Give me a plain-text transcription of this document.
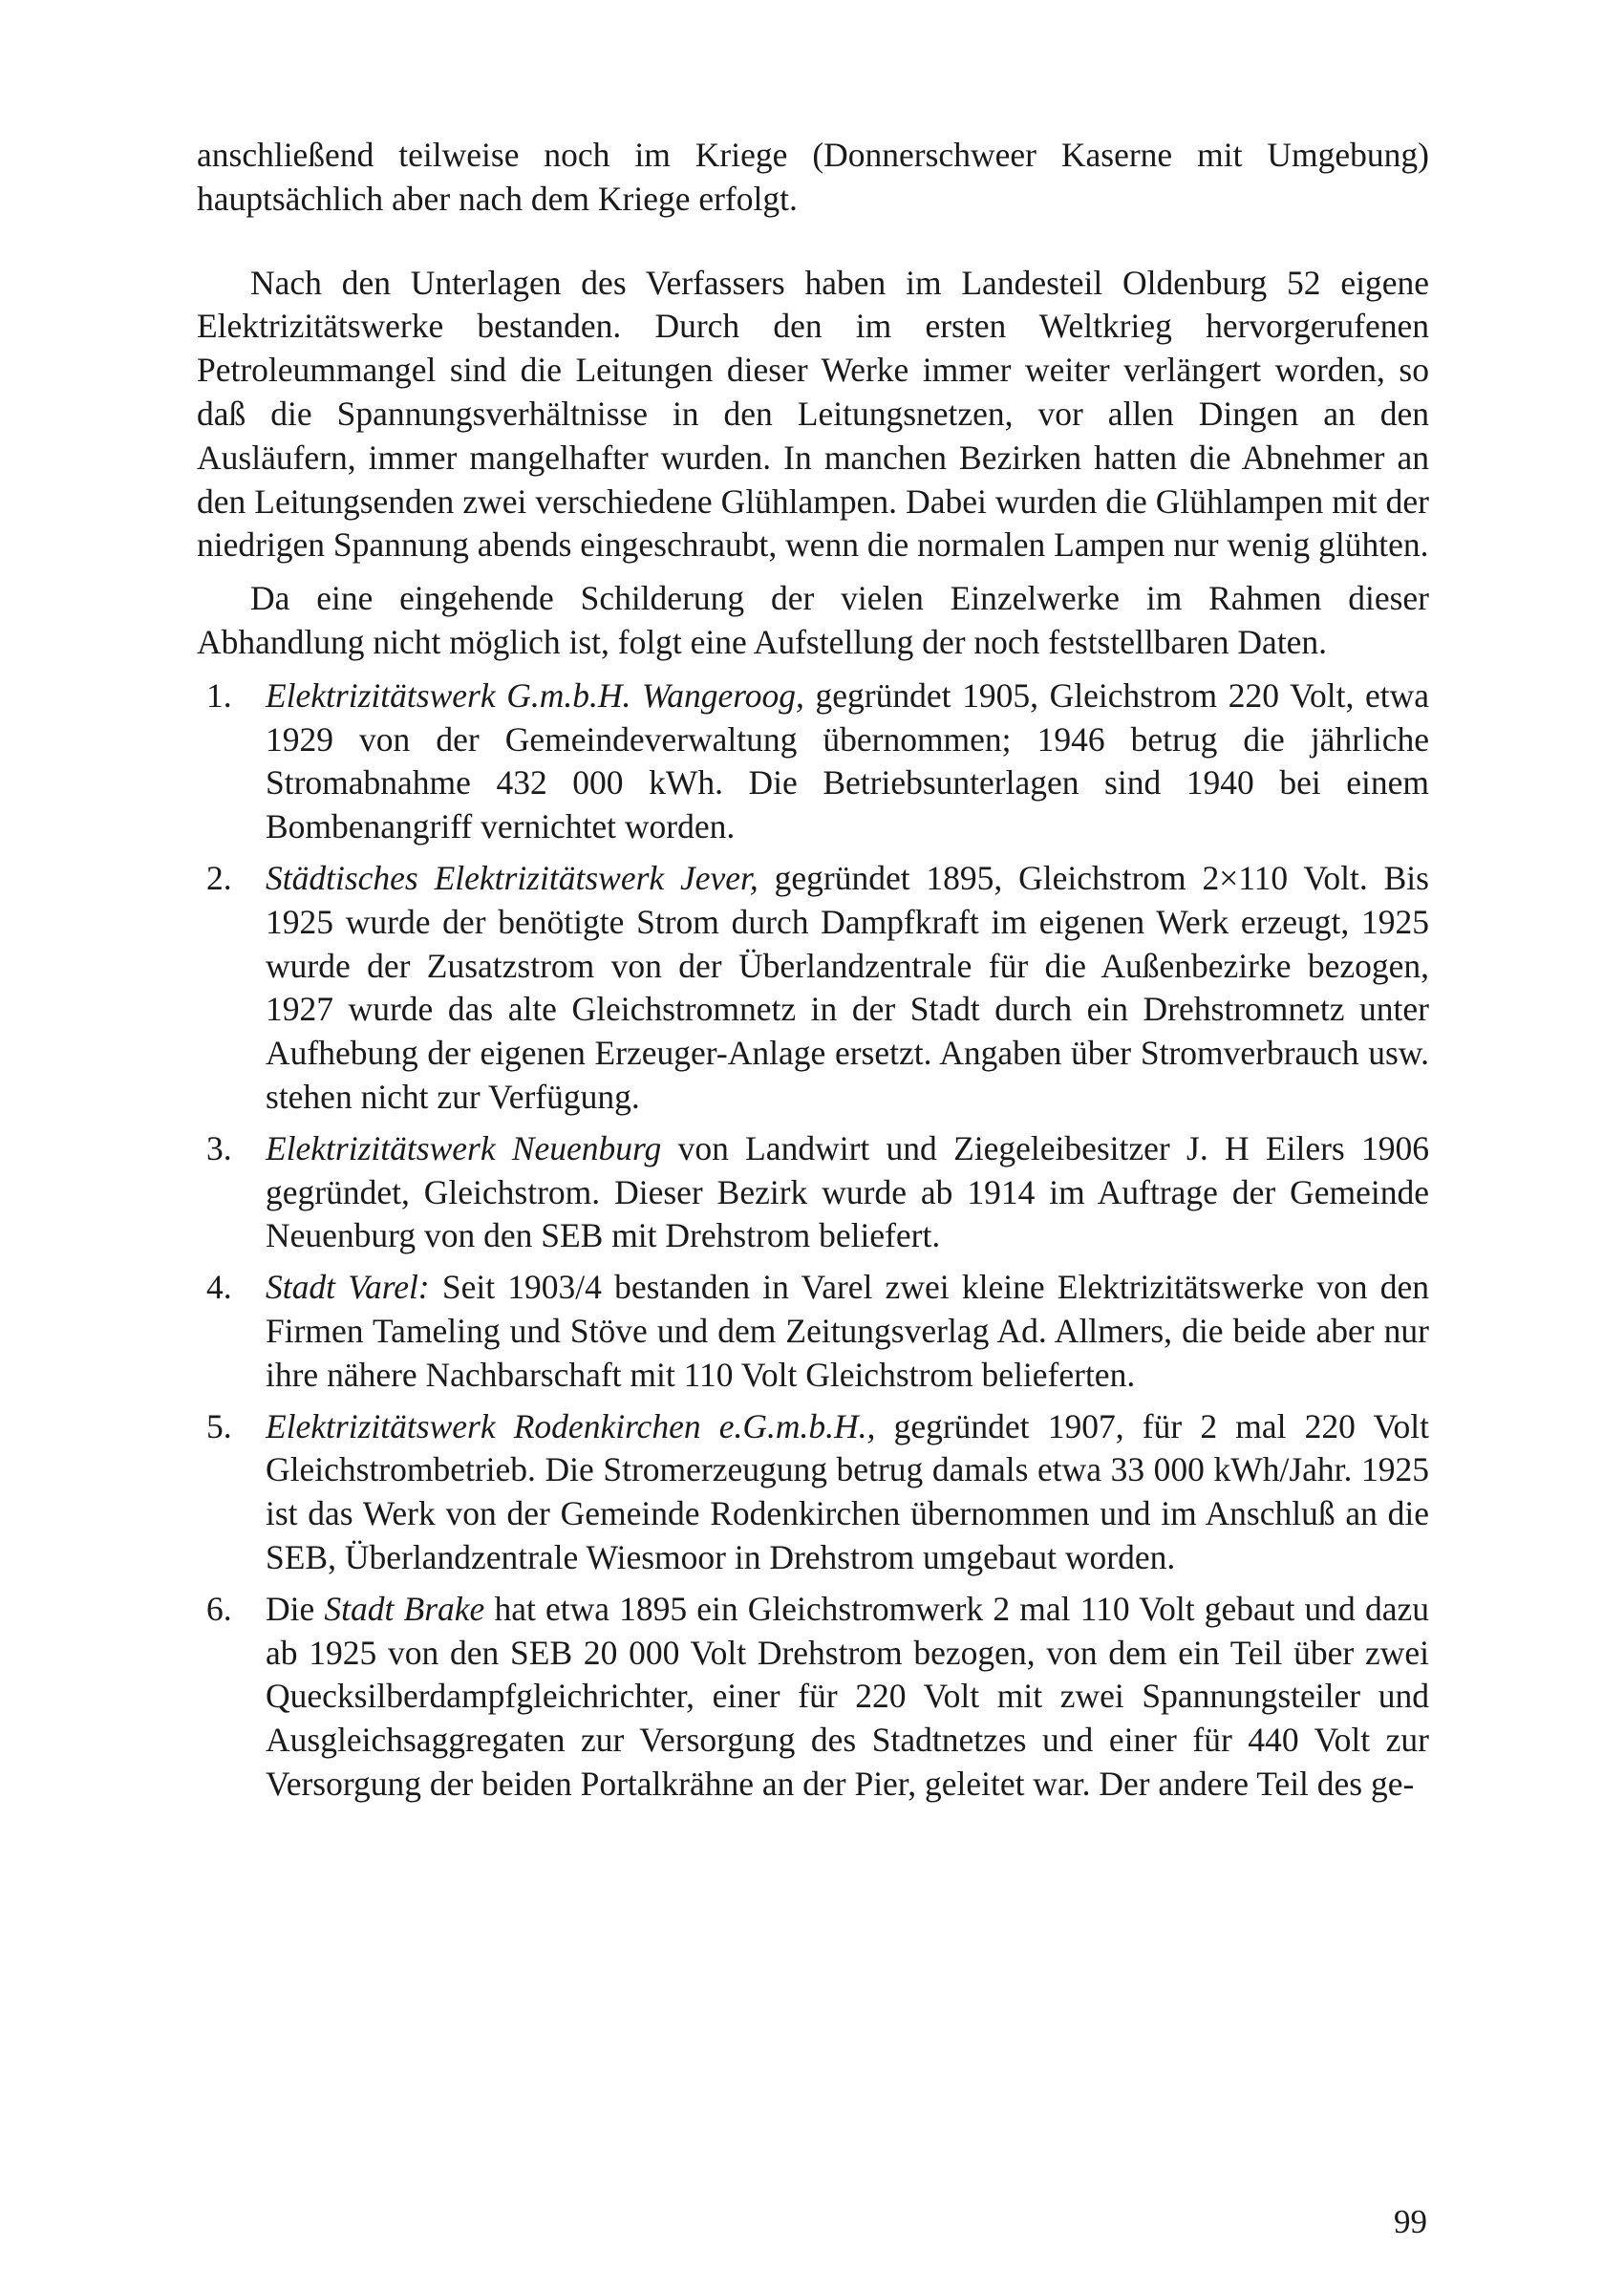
anschließend teilweise noch im Kriege (Donnerschweer Kaserne mit Umgebung) hauptsächlich aber nach dem Kriege erfolgt.

Nach den Unterlagen des Verfassers haben im Landesteil Oldenburg 52 eigene Elektrizitätswerke bestanden. Durch den im ersten Weltkrieg hervorgerufenen Petroleummangel sind die Leitungen dieser Werke immer weiter verlängert worden, so daß die Spannungsverhältnisse in den Leitungsnetzen, vor allen Dingen an den Ausläufern, immer mangelhafter wurden. In manchen Bezirken hatten die Abnehmer an den Leitungsenden zwei verschiedene Glühlampen. Dabei wurden die Glühlampen mit der niedrigen Spannung abends eingeschraubt, wenn die normalen Lampen nur wenig glühten.

Da eine eingehende Schilderung der vielen Einzelwerke im Rahmen dieser Abhandlung nicht möglich ist, folgt eine Aufstellung der noch feststellbaren Daten.

1. Elektrizitätswerk G.m.b.H. Wangeroog, gegründet 1905, Gleichstrom 220 Volt, etwa 1929 von der Gemeindeverwaltung übernommen; 1946 betrug die jährliche Stromabnahme 432 000 kWh. Die Betriebsunterlagen sind 1940 bei einem Bombenangriff vernichtet worden.
2. Städtisches Elektrizitätswerk Jever, gegründet 1895, Gleichstrom 2×110 Volt. Bis 1925 wurde der benötigte Strom durch Dampfkraft im eigenen Werk erzeugt, 1925 wurde der Zusatzstrom von der Überlandzentrale für die Außenbezirke bezogen, 1927 wurde das alte Gleichstromnetz in der Stadt durch ein Drehstromnetz unter Aufhebung der eigenen Erzeuger-Anlage ersetzt. Angaben über Stromverbrauch usw. stehen nicht zur Verfügung.
3. Elektrizitätswerk Neuenburg von Landwirt und Ziegeleibesitzer J. H Eilers 1906 gegründet, Gleichstrom. Dieser Bezirk wurde ab 1914 im Auftrage der Gemeinde Neuenburg von den SEB mit Drehstrom beliefert.
4. Stadt Varel: Seit 1903/4 bestanden in Varel zwei kleine Elektrizitätswerke von den Firmen Tameling und Stöve und dem Zeitungsverlag Ad. Allmers, die beide aber nur ihre nähere Nachbarschaft mit 110 Volt Gleichstrom belieferten.
5. Elektrizitätswerk Rodenkirchen e.G.m.b.H., gegründet 1907, für 2 mal 220 Volt Gleichstrombetrieb. Die Stromerzeugung betrug damals etwa 33 000 kWh/Jahr. 1925 ist das Werk von der Gemeinde Rodenkirchen übernommen und im Anschluß an die SEB, Überlandzentrale Wiesmoor in Drehstrom umgebaut worden.
6. Die Stadt Brake hat etwa 1895 ein Gleichstromwerk 2 mal 110 Volt gebaut und dazu ab 1925 von den SEB 20 000 Volt Drehstrom bezogen, von dem ein Teil über zwei Quecksilberdampfgleichrichter, einer für 220 Volt mit zwei Spannungsteiler und Ausgleichsaggregaten zur Versorgung des Stadtnetzes und einer für 440 Volt zur Versorgung der beiden Portalkrähne an der Pier, geleitet war. Der andere Teil des ge-
99
